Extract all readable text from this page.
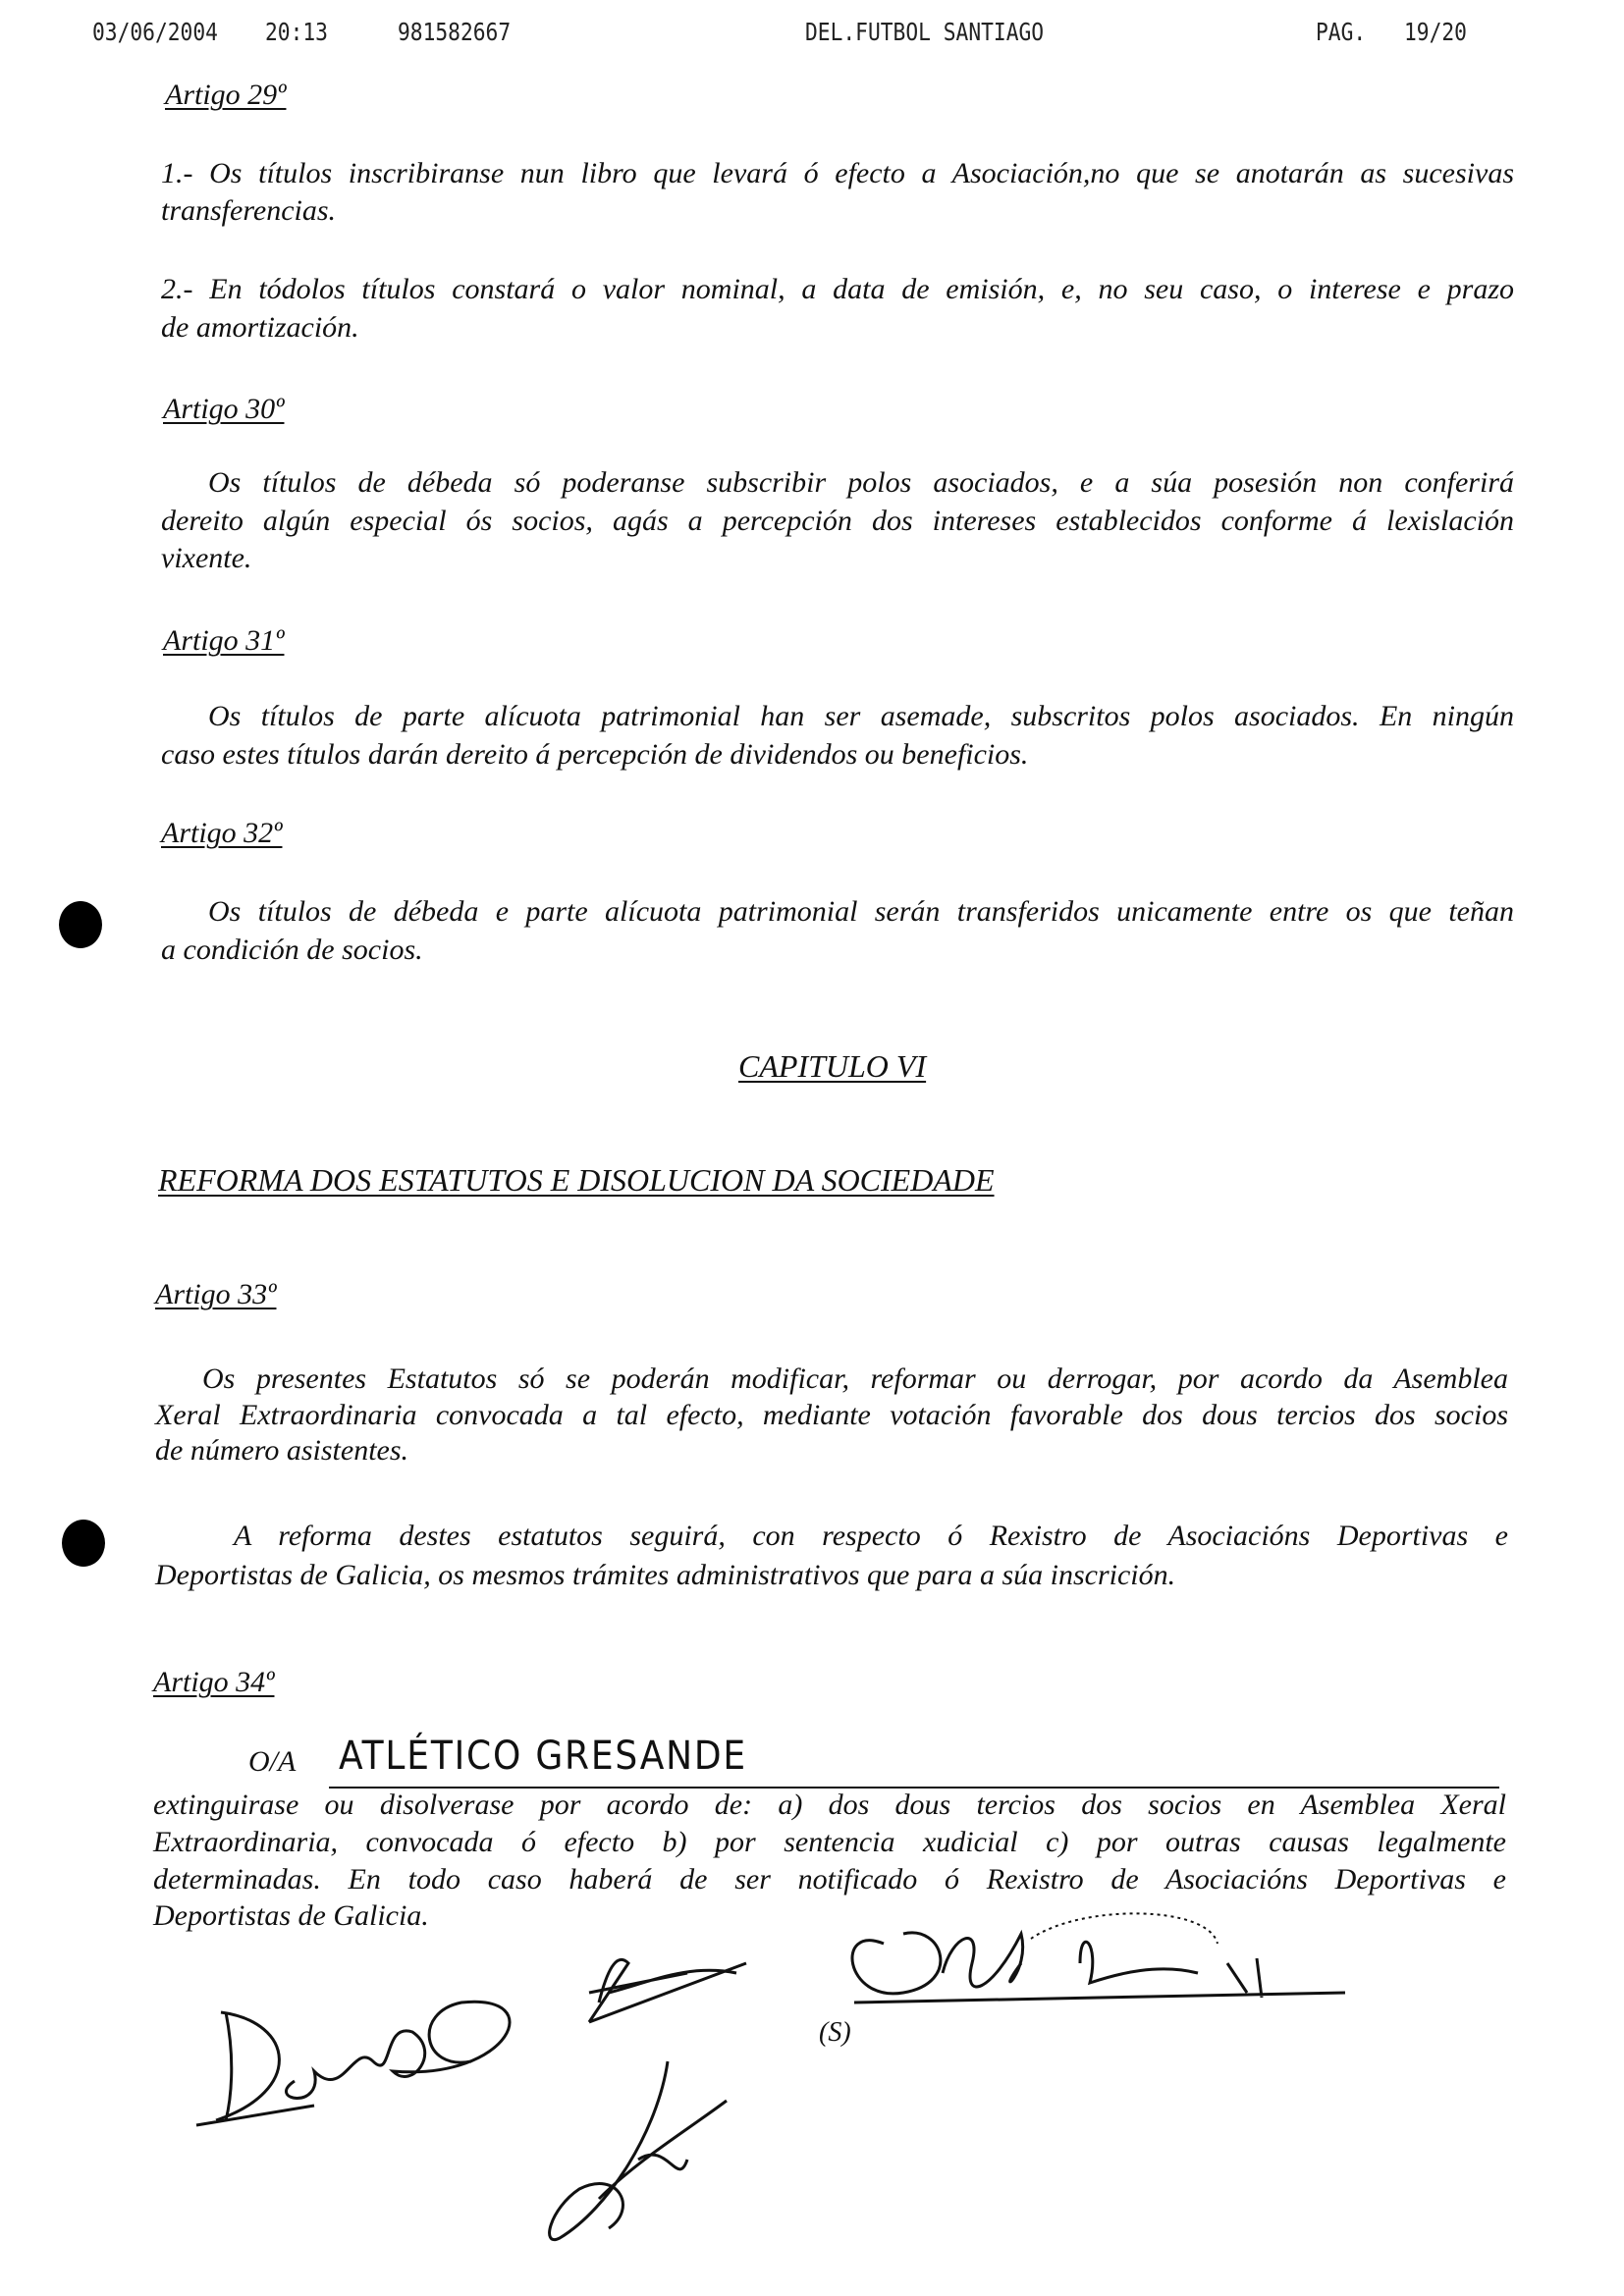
03/06/2004 20:13	981582667	DEL.FUTBOL SANTIAGO	PAG. 19/20
Artigo 29º
1.- Os títulos inscribiranse nun libro que levará ó efecto a Asociación,no que se anotarán as sucesivas
transferencias.
2.- En tódolos títulos constará o valor nominal, a data de emisión, e, no seu caso, o interese e prazo
de amortización.
Artigo 30º
Os títulos de débeda só poderanse subscribir polos asociados, e a súa posesión non conferirá
dereito algún especial ós socios, agás a percepción dos intereses establecidos conforme á lexislación
vixente.
Artigo 31º
Os títulos de parte alícuota patrimonial han ser asemade, subscritos polos asociados. En ningún
caso estes títulos darán dereito á percepción de dividendos ou beneficios.
Artigo 32º
Os títulos de débeda e parte alícuota patrimonial serán transferidos unicamente entre os que teñan
a condición de socios.
CAPITULO VI
REFORMA DOS ESTATUTOS E DISOLUCION DA SOCIEDADE
Artigo 33º
Os presentes Estatutos só se poderán modificar, reformar ou derrogar, por acordo da Asemblea
Xeral Extraordinaria convocada a tal efecto, mediante votación favorable dos dous tercios dos socios
de número asistentes.
A reforma destes estatutos seguirá, con respecto ó Rexistro de Asociacións Deportivas e
Deportistas de Galicia, os mesmos trámites administrativos que para a súa inscrición.
Artigo 34º
O/A ATLÉTICO GRESANDE
extinguirase ou disolverase por acordo de: a) dos dous tercios dos socios en Asemblea Xeral
Extraordinaria, convocada ó efecto b) por sentencia xudicial c) por outras causas legalmente
determinadas. En todo caso haberá de ser notificado ó Rexistro de Asociacións Deportivas e
Deportistas de Galicia.
(S)
